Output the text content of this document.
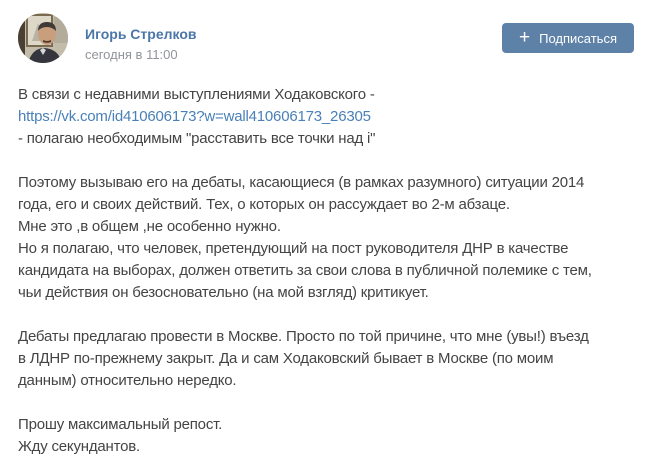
Игорь Стрелков
сегодня в 11:00
+ Подписаться
В связи с недавними выступлениями Ходаковского -
https://vk.com/id410606173?w=wall410606173_26305
- полагаю необходимым "расставить все точки над i"
Поэтому вызываю его на дебаты, касающиеся (в рамках разумного) ситуации 2014
года, его и своих действий. Тех, о которых он рассуждает во 2-м абзаце.
Мне это ,в общем ,не особенно нужно.
Но я полагаю, что человек, претендующий на пост руководителя ДНР в качестве
кандидата на выборах, должен ответить за свои слова в публичной полемике с тем,
чьи действия он безосновательно (на мой взгляд) критикует.
Дебаты предлагаю провести в Москве. Просто по той причине, что мне (увы!) въезд
в ЛДНР по-прежнему закрыт. Да и сам Ходаковский бывает в Москве (по моим
данным) относительно нередко.
Прошу максимальный репост.
Жду секундантов.
